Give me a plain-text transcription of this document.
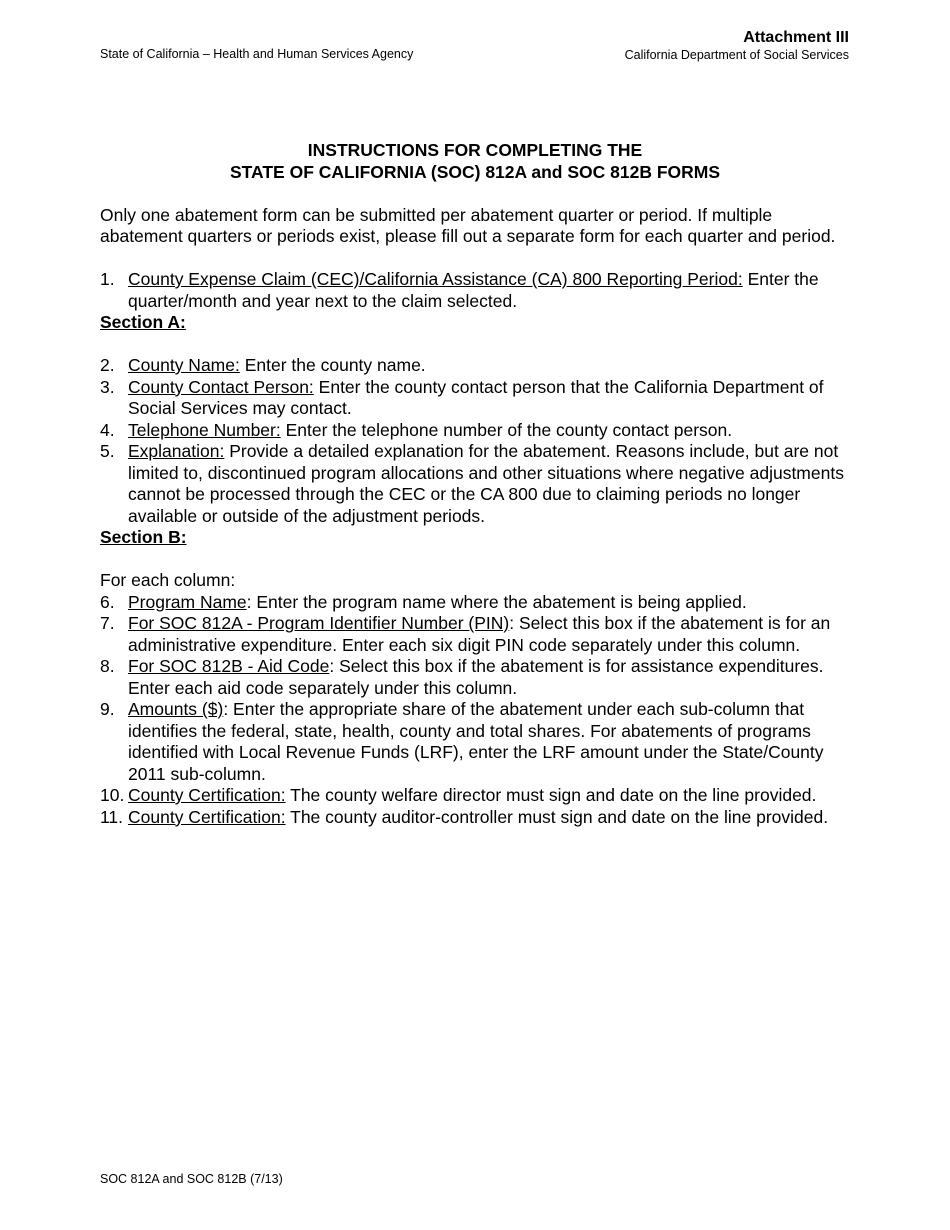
State of California – Health and Human Services Agency
Attachment III
California Department of Social Services
INSTRUCTIONS FOR COMPLETING THE
STATE OF CALIFORNIA (SOC) 812A and SOC 812B FORMS

Only one abatement form can be submitted per abatement quarter or period. If multiple abatement quarters or periods exist, please fill out a separate form for each quarter and period.

1. County Expense Claim (CEC)/California Assistance (CA) 800 Reporting Period: Enter the quarter/month and year next to the claim selected.
Section A:
2. County Name: Enter the county name.
3. County Contact Person: Enter the county contact person that the California Department of Social Services may contact.
4. Telephone Number: Enter the telephone number of the county contact person.
5. Explanation: Provide a detailed explanation for the abatement. Reasons include, but are not limited to, discontinued program allocations and other situations where negative adjustments cannot be processed through the CEC or the CA 800 due to claiming periods no longer available or outside of the adjustment periods.
Section B:

For each column:

6. Program Name: Enter the program name where the abatement is being applied.
7. For SOC 812A - Program Identifier Number (PIN): Select this box if the abatement is for an administrative expenditure. Enter each six digit PIN code separately under this column.
8. For SOC 812B - Aid Code: Select this box if the abatement is for assistance expenditures. Enter each aid code separately under this column.
9. Amounts ($): Enter the appropriate share of the abatement under each sub-column that identifies the federal, state, health, county and total shares. For abatements of programs identified with Local Revenue Funds (LRF), enter the LRF amount under the State/County 2011 sub-column.
10. County Certification: The county welfare director must sign and date on the line provided.
11. County Certification: The county auditor-controller must sign and date on the line provided.
SOC 812A and SOC 812B (7/13)
